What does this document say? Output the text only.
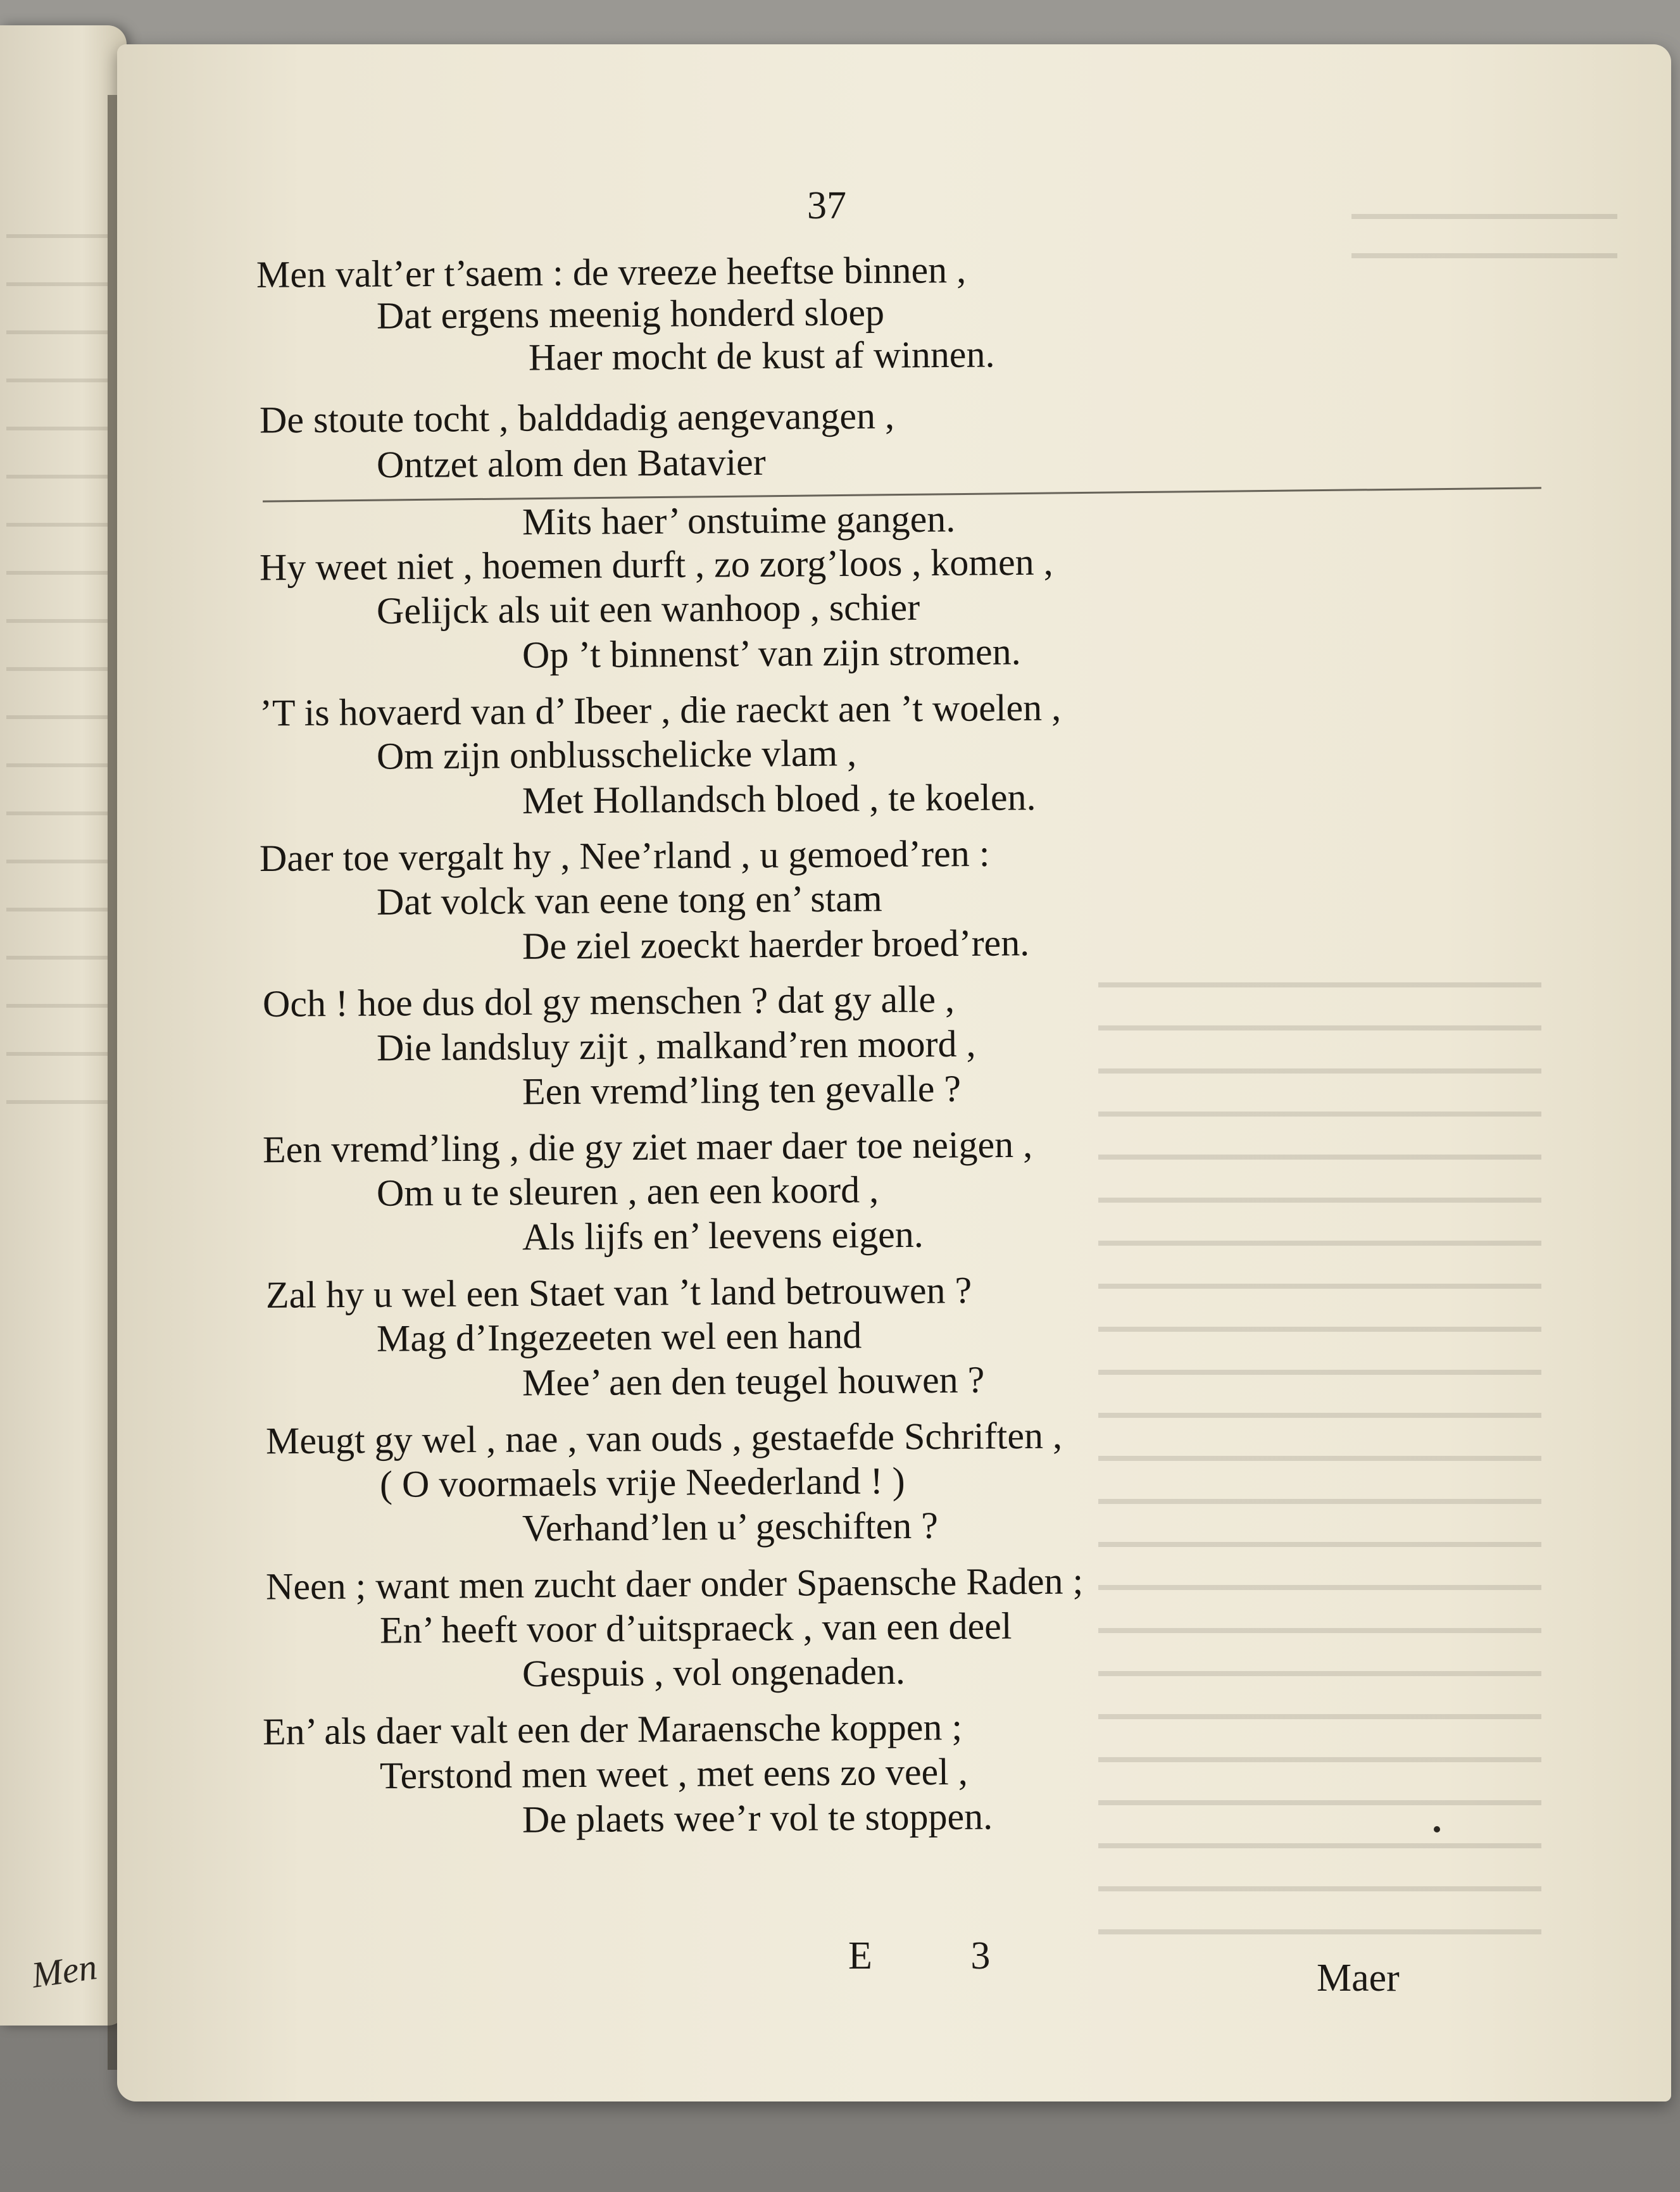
Men
37
Men valt’er t’saem : de vreeze heeftse binnen ,
Dat ergens meenig honderd sloep
Haer mocht de kust af winnen.
De stoute tocht , balddadig aengevangen ,
Ontzet alom den Batavier
Mits haer’ onstuime gangen.
Hy weet niet , hoemen durft , zo zorg’loos , komen ,
Gelijck als uit een wanhoop , schier
Op ’t binnenst’ van zijn stromen.
’T is hovaerd van d’ Ibeer , die raeckt aen ’t woelen ,
Om zijn onblusschelicke vlam ,
Met Hollandsch bloed , te koelen.
Daer toe vergalt hy , Nee’rland , u gemoed’ren :
Dat volck van eene tong en’ stam
De ziel zoeckt haerder broed’ren.
Och ! hoe dus dol gy menschen ? dat gy alle ,
Die landsluy zijt , malkand’ren moord ,
Een vremd’ling ten gevalle ?
Een vremd’ling , die gy ziet maer daer toe neigen ,
Om u te sleuren , aen een koord ,
Als lijfs en’ leevens eigen.
Zal hy u wel een Staet van ’t land betrouwen ?
Mag d’Ingezeeten wel een hand
Mee’ aen den teugel houwen ?
Meugt gy wel , nae , van ouds , gestaefde Schriften ,
( O voormaels vrije Neederland ! )
Verhand’len u’ geschiften ?
Neen ; want men zucht daer onder Spaensche Raden ;
En’ heeft voor d’uitspraeck , van een deel
Gespuis , vol ongenaden.
En’ als daer valt een der Maraensche koppen ;
Terstond men weet , met eens zo veel ,
De plaets wee’r vol te stoppen.
E 3
Maer
